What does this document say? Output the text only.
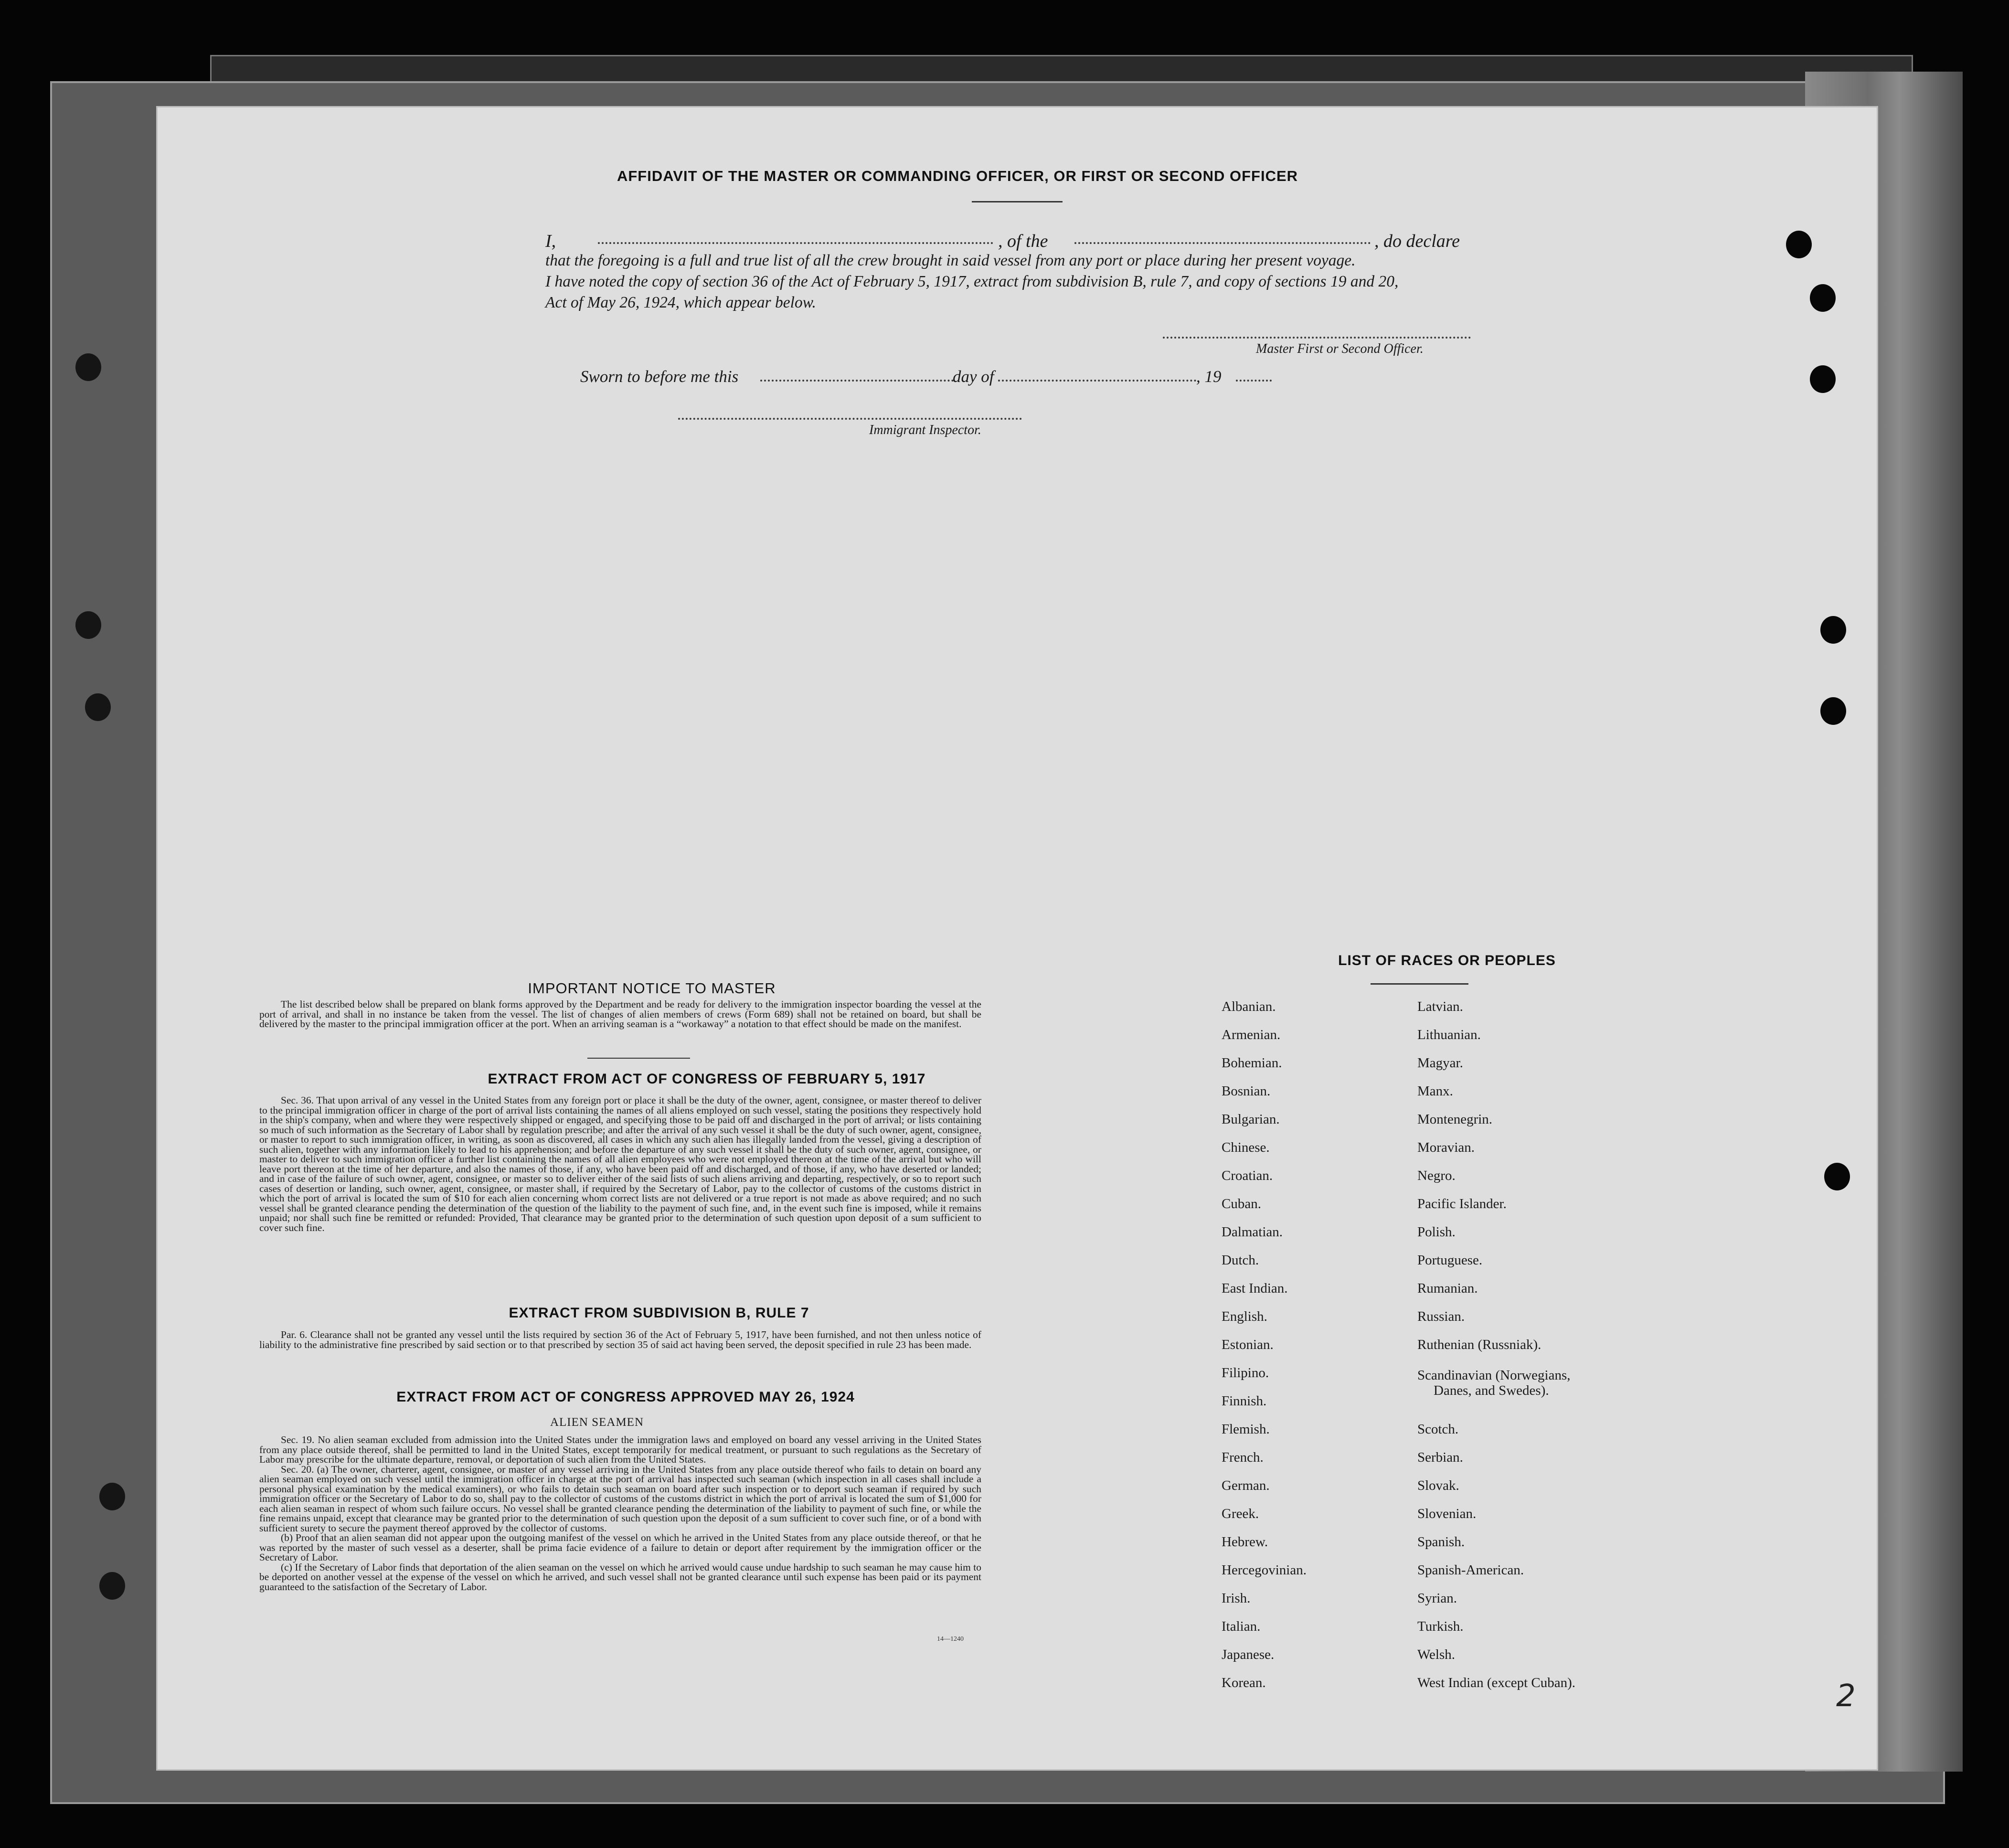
AFFIDAVIT OF THE MASTER OR COMMANDING OFFICER, OR FIRST OR SECOND OFFICER
I,	, of the	, do declare
that the foregoing is a full and true list of all the crew brought in said vessel from any port or place during her present voyage.
I have noted the copy of section 36 of the Act of February 5, 1917, extract from subdivision B, rule 7, and copy of sections 19 and 20,
Act of May 26, 1924, which appear below.
Master First or Second Officer.
Sworn to before me this	day of	, 19
Immigrant Inspector.
IMPORTANT NOTICE TO MASTER

The list described below shall be prepared on blank forms approved by the Department and be ready for delivery to the immigration inspector boarding the vessel at the port of arrival, and shall in no instance be taken from the vessel. The list of changes of alien members of crews (Form 689) shall not be retained on board, but shall be delivered by the master to the principal immigration officer at the port. When an arriving seaman is a “workaway” a notation to that effect should be made on the manifest.

EXTRACT FROM ACT OF CONGRESS OF FEBRUARY 5, 1917

Sec. 36. That upon arrival of any vessel in the United States from any foreign port or place it shall be the duty of the owner, agent, consignee, or master thereof to deliver to the principal immigration officer in charge of the port of arrival lists containing the names of all aliens employed on such vessel, stating the positions they respectively hold in the ship's company, when and where they were respectively shipped or engaged, and specifying those to be paid off and discharged in the port of arrival; or lists containing so much of such information as the Secretary of Labor shall by regulation prescribe; and after the arrival of any such vessel it shall be the duty of such owner, agent, consignee, or master to report to such immigration officer, in writing, as soon as discovered, all cases in which any such alien has illegally landed from the vessel, giving a description of such alien, together with any information likely to lead to his apprehension; and before the departure of any such vessel it shall be the duty of such owner, agent, consignee, or master to deliver to such immigration officer a further list containing the names of all alien employees who were not employed thereon at the time of the arrival but who will leave port thereon at the time of her departure, and also the names of those, if any, who have been paid off and discharged, and of those, if any, who have deserted or landed; and in case of the failure of such owner, agent, consignee, or master so to deliver either of the said lists of such aliens arriving and departing, respectively, or so to report such cases of desertion or landing, such owner, agent, consignee, or master shall, if required by the Secretary of Labor, pay to the collector of customs of the customs district in which the port of arrival is located the sum of $10 for each alien concerning whom correct lists are not delivered or a true report is not made as above required; and no such vessel shall be granted clearance pending the determination of the question of the liability to the payment of such fine, and, in the event such fine is imposed, while it remains unpaid; nor shall such fine be remitted or refunded: Provided, That clearance may be granted prior to the determination of such question upon deposit of a sum sufficient to cover such fine.

EXTRACT FROM SUBDIVISION B, RULE 7

Par. 6. Clearance shall not be granted any vessel until the lists required by section 36 of the Act of February 5, 1917, have been furnished, and not then unless notice of liability to the administrative fine prescribed by said section or to that prescribed by section 35 of said act having been served, the deposit specified in rule 23 has been made.

EXTRACT FROM ACT OF CONGRESS APPROVED MAY 26, 1924
ALIEN SEAMEN

Sec. 19. No alien seaman excluded from admission into the United States under the immigration laws and employed on board any vessel arriving in the United States from any place outside thereof, shall be permitted to land in the United States, except temporarily for medical treatment, or pursuant to such regulations as the Secretary of Labor may prescribe for the ultimate departure, removal, or deportation of such alien from the United States.

Sec. 20. (a) The owner, charterer, agent, consignee, or master of any vessel arriving in the United States from any place outside thereof who fails to detain on board any alien seaman employed on such vessel until the immigration officer in charge at the port of arrival has inspected such seaman (which inspection in all cases shall include a personal physical examination by the medical examiners), or who fails to detain such seaman on board after such inspection or to deport such seaman if required by such immigration officer or the Secretary of Labor to do so, shall pay to the collector of customs of the customs district in which the port of arrival is located the sum of $1,000 for each alien seaman in respect of whom such failure occurs. No vessel shall be granted clearance pending the determination of the liability to payment of such fine, or while the fine remains unpaid, except that clearance may be granted prior to the determination of such question upon the deposit of a sum sufficient to cover such fine, or of a bond with sufficient surety to secure the payment thereof approved by the collector of customs.

(b) Proof that an alien seaman did not appear upon the outgoing manifest of the vessel on which he arrived in the United States from any place outside thereof, or that he was reported by the master of such vessel as a deserter, shall be prima facie evidence of a failure to detain or deport after requirement by the immigration officer or the Secretary of Labor.

(c) If the Secretary of Labor finds that deportation of the alien seaman on the vessel on which he arrived would cause undue hardship to such seaman he may cause him to be deported on another vessel at the expense of the vessel on which he arrived, and such vessel shall not be granted clearance until such expense has been paid or its payment guaranteed to the satisfaction of the Secretary of Labor.

14—1240
LIST OF RACES OR PEOPLES
Albanian.
Armenian.
Bohemian.
Bosnian.
Bulgarian.
Chinese.
Croatian.
Cuban.
Dalmatian.
Dutch.
East Indian.
English.
Estonian.
Filipino.
Finnish.
Flemish.
French.
German.
Greek.
Hebrew.
Hercegovinian.
Irish.
Italian.
Japanese.
Korean.
Latvian.
Lithuanian.
Magyar.
Manx.
Montenegrin.
Moravian.
Negro.
Pacific Islander.
Polish.
Portuguese.
Rumanian.
Russian.
Ruthenian (Russniak).
Scandinavian (Norwegians,
Danes, and Swedes).
Scotch.
Serbian.
Slovak.
Slovenian.
Spanish.
Spanish-American.
Syrian.
Turkish.
Welsh.
West Indian (except Cuban).	2
